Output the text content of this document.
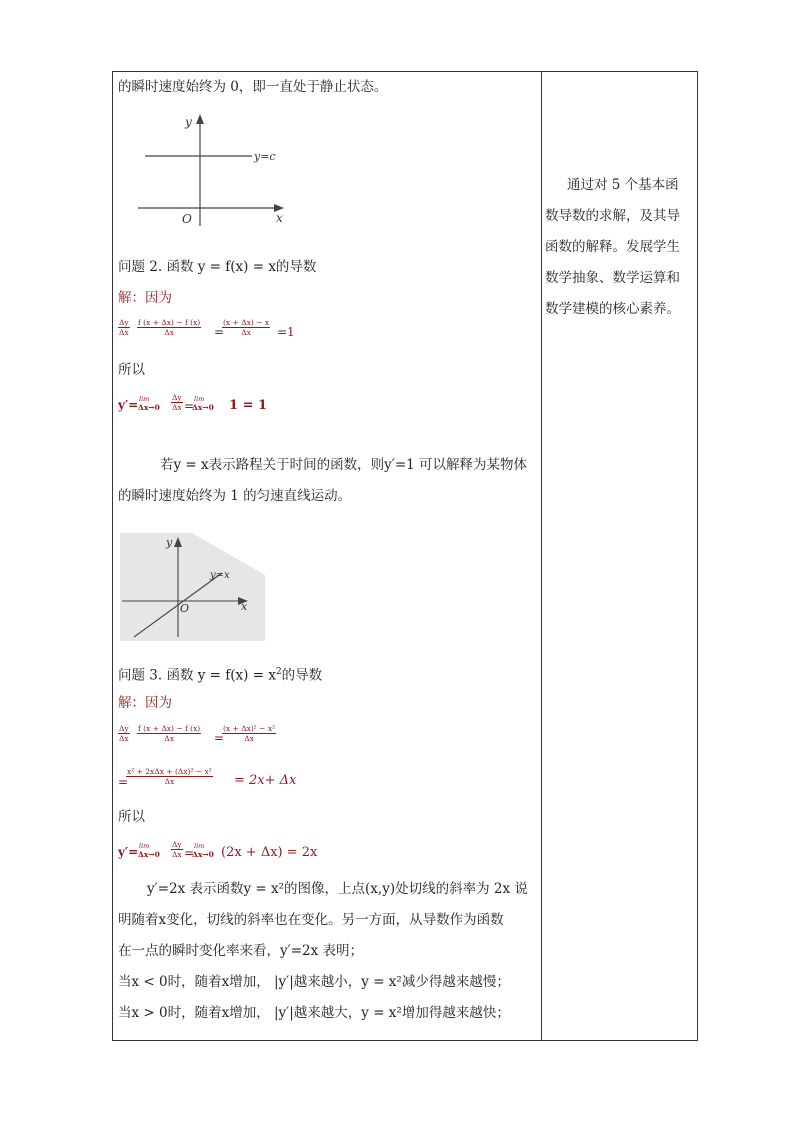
的瞬时速度始终为 0，即一直处于静止状态。
y
y=c
O	x
问题 2. 函数 y = f(x) = x的导数
解：因为
$\frac{\Delta y}{\Delta x} \frac{f (x + \Delta x) - f (x)}{\Delta x}$ =
$\frac{(x + \Delta x) - x}{\Delta x} =1$
所以
y′= lim
$\Delta x\to 0 \frac{\Delta y}{\Delta x} = \lim$
Δx→0 1 = 1
若y = x表示路程关于时间的函数，则y′=1 可以解释为某物体
的瞬时速度始终为 1 的匀速直线运动。
y
y=x
O	x
问题 3. 函数 $y = f(x) = x^2$的导数
解：因为
$\frac{\Delta y}{\Delta x} \frac{f (x + \Delta x) - f (x)}{\Delta x}$ =
$\frac{\text{(x + Δx)² − x²}}{\Delta x}$
=
x² + 2xΔx + (Δx)² − x²
Δx	= 2x+ Δx
所以
y′= lim
$\Delta x\to 0 \frac{\Delta y}{\Delta x} = \lim$
Δx→0 (2x + Δx) = 2x
y′=2x 表示函数y = x²的图像，上点(x,y)处切线的斜率为 2x 说
明随着x变化，切线的斜率也在变化。另一方面，从导数作为函数
在一点的瞬时变化率来看，y′=2x 表明；
当x < 0时，随着x增加， |y′|越来越小，y = x²减少得越来越慢；
当x > 0时，随着x增加， |y′|越来越大，y = x²增加得越来越快；
通过对 5 个基本函
数导数的求解，及其导
函数的解释。发展学生
数学抽象、数学运算和
数学建模的核心素养。
